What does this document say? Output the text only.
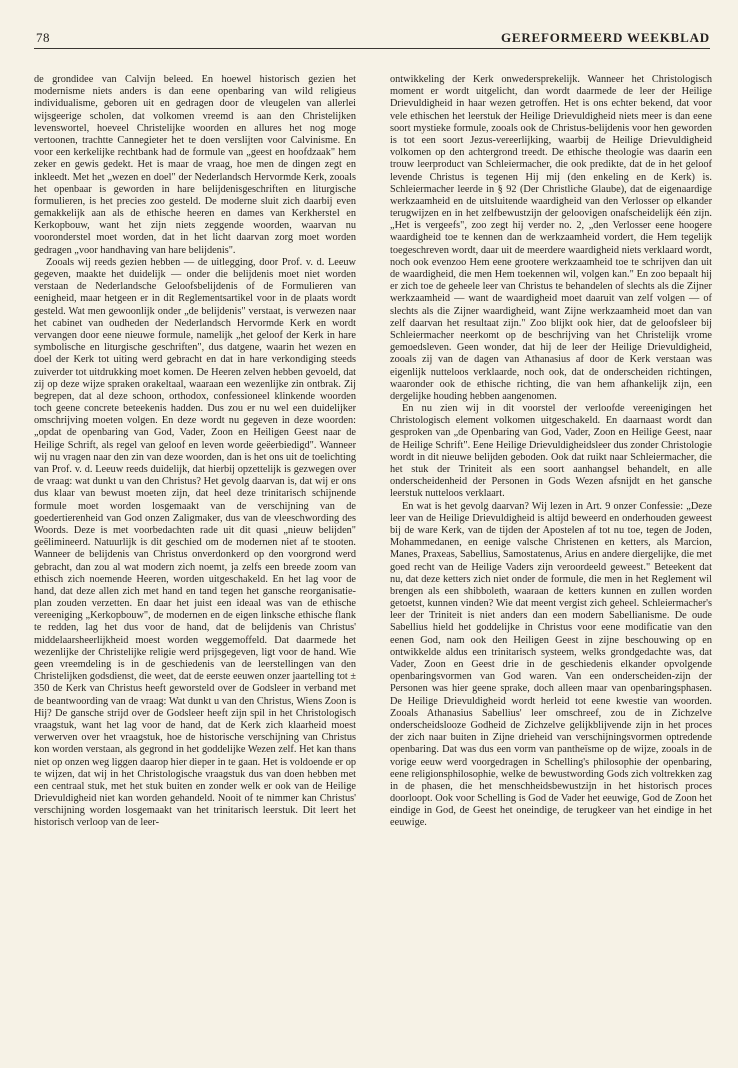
78	GEREFORMEERD WEEKBLAD

de grondidee van Calvijn beleed. En hoewel historisch gezien het modernisme niets anders is dan eene openbaring van wild religieus individualisme, geboren uit en gedragen door de vleugelen van allerlei wijsgeerige scholen, dat volkomen vreemd is aan den Christelijken levenswortel, hoeveel Christelijke woorden en allures het nog moge vertoonen, trachtte Cannegieter het te doen verslijten voor Calvinisme. En voor een kerkelijke rechtbank had de formule van „geest en hoofdzaak" hem zeker en gewis gedekt. Het is maar de vraag, hoe men de dingen zegt en inkleedt. Met het „wezen en doel" der Nederlandsch Hervormde Kerk, zooals het openbaar is geworden in hare belijdenisgeschriften en liturgische formulieren, is het precies zoo gesteld. De moderne sluit zich daarbij even gemakkelijk aan als de ethische heeren en dames van Kerkherstel en Kerkopbouw, want het zijn niets zeggende woorden, waarvan nu vooronderstel moet worden, dat in het licht daarvan zorg moet worden gedragen „voor handhaving van hare belijdenis".

Zooals wij reeds gezien hebben — de uitlegging, door Prof. v. d. Leeuw gegeven, maakte het duidelijk — onder die belijdenis moet niet worden verstaan de Nederlandsche Geloofsbelijdenis of de Formulieren van eenigheid, maar hetgeen er in dit Reglementsartikel voor in de plaats wordt gesteld. Wat men gewoonlijk onder „de belijdenis" verstaat, is verwezen naar het cabinet van oudheden der Nederlandsch Hervormde Kerk en wordt vervangen door eene nieuwe formule, namelijk „het geloof der Kerk in hare symbolische en liturgische geschriften", dus datgene, waarin het wezen en doel der Kerk tot uiting werd gebracht en dat in hare verkondiging steeds zuiverder tot uitdrukking moet komen. De Heeren zelven hebben gevoeld, dat zij op deze wijze spraken orakeltaal, waaraan een wezenlijke zin ontbrak. Zij begrepen, dat al deze schoon, orthodox, confessioneel klinkende woorden toch geene concrete beteekenis hadden. Dus zou er nu wel een duidelijker omschrijving moeten volgen. En deze wordt nu gegeven in deze woorden: „opdat de openbaring van God, Vader, Zoon en Heiligen Geest naar de Heilige Schrift, als regel van geloof en leven worde geëerbiedigd". Wanneer wij nu vragen naar den zin van deze woorden, dan is het ons uit de toelichting van Prof. v. d. Leeuw reeds duidelijk, dat hierbij opzettelijk is gezwegen over de vraag: wat dunkt u van den Christus? Het gevolg daarvan is, dat wij er ons dus klaar van bewust moeten zijn, dat heel deze trinitarisch schijnende formule moet worden losgemaakt van de verschijning van de goedertierenheid van God onzen Zaligmaker, dus van de vleeschwording des Woords. Deze is met voorbedachten rade uit dit quasi „nieuw belijden" geëlimineerd. Natuurlijk is dit geschied om de modernen niet af te stooten. Wanneer de belijdenis van Christus onverdonkerd op den voorgrond werd gebracht, dan zou al wat modern zich noemt, ja zelfs een breede zoom van ethisch zich noemende Heeren, worden uitgeschakeld. En het lag voor de hand, dat deze allen zich met hand en tand tegen het gansche reorganisatie-plan zouden verzetten. En daar het juist een ideaal was van de ethische vereeniging „Kerkopbouw", de modernen en de eigen linksche ethische flank te redden, lag het dus voor de hand, dat de belijdenis van Christus' middelaarsheerlijkheid moest worden weggemoffeld. Dat daarmede het wezenlijke der Christelijke religie werd prijsgegeven, ligt voor de hand. Wie geen vreemdeling is in de geschiedenis van de leerstellingen van den Christelijken godsdienst, die weet, dat de eerste eeuwen onzer jaartelling tot ± 350 de Kerk van Christus heeft geworsteld over de Godsleer in verband met de beantwoording van de vraag: Wat dunkt u van den Christus, Wiens Zoon is Hij? De gansche strijd over de Godsleer heeft zijn spil in het Christologisch vraagstuk, want het lag voor de hand, dat de Kerk zich klaarheid moest verwerven over het vraagstuk, hoe de historische verschijning van Christus kon worden verstaan, als gegrond in het goddelijke Wezen zelf. Het kan thans niet op onzen weg liggen daarop hier dieper in te gaan. Het is voldoende er op te wijzen, dat wij in het Christologische vraagstuk dus van doen hebben met een centraal stuk, met het stuk buiten en zonder welk er ook van de Heilige Drievuldigheid niet kan worden gehandeld. Nooit of te nimmer kan Christus' verschijning worden losgemaakt van het trinitarisch leerstuk. Dit leert het historisch verloop van de leer-

ontwikkeling der Kerk onwedersprekelijk. Wanneer het Christologisch moment er wordt uitgelicht, dan wordt daarmede de leer der Heilige Drievuldigheid in haar wezen getroffen. Het is ons echter bekend, dat voor vele ethischen het leerstuk der Heilige Drievuldigheid niets meer is dan eene soort mystieke formule, zooals ook de Christus-belijdenis voor hen geworden is tot een soort Jezus-vereerlijking, waarbij de Heilige Drievuldigheid volkomen op den achtergrond treedt. De ethische theologie was daarin een trouw leerproduct van Schleiermacher, die ook predikte, dat de in het geloof levende Christus is tegenen Hij mij (den enkeling en de Kerk) is. Schleiermacher leerde in § 92 (Der Christliche Glaube), dat de eigenaardige werkzaamheid en de uitsluitende waardigheid van den Verlosser op elkander terugwijzen en in het zelfbewustzijn der geloovigen onafscheidelijk één zijn. „Het is vergeefs", zoo zegt hij verder no. 2, „den Verlosser eene hoogere waardigheid toe te kennen dan de werkzaamheid vordert, die Hem tegelijk toegeschreven wordt, daar uit de meerdere waardigheid niets verklaard wordt, noch ook evenzoo Hem eene grootere werkzaamheid toe te schrijven dan uit de waardigheid, die men Hem toekennen wil, volgen kan." En zoo bepaalt hij er zich toe de geheele leer van Christus te behandelen of slechts als die Zijner werkzaamheid — want de waardigheid moet daaruit van zelf volgen — of slechts als die Zijner waardigheid, want Zijne werkzaamheid moet dan van zelf daarvan het resultaat zijn." Zoo blijkt ook hier, dat de geloofsleer bij Schleiermacher neerkomt op de beschrijving van het Christelijk vrome gemoedsleven. Geen wonder, dat hij de leer der Heilige Drievuldigheid, zooals zij van de dagen van Athanasius af door de Kerk verstaan was eigenlijk nutteloos verklaarde, noch ook, dat de onderscheiden richtingen, waaronder ook de ethische richting, die van hem afhankelijk zijn, een dergelijke houding hebben aangenomen.

En nu zien wij in dit voorstel der verloofde vereenigingen het Christologisch element volkomen uitgeschakeld. En daarnaast wordt dan gesproken van „de Openbaring van God, Vader, Zoon en Heilige Geest, naar de Heilige Schrift". Eene Heilige Drievuldigheidsleer dus zonder Christologie wordt in dit nieuwe belijden geboden. Ook dat ruikt naar Schleiermacher, die het stuk der Triniteit als een soort aanhangsel behandelt, en alle onderscheidenheid der Personen in Gods Wezen afsnijdt en het gansche leerstuk nutteloos verklaart.

En wat is het gevolg daarvan? Wij lezen in Art. 9 onzer Confessie: „Deze leer van de Heilige Drievuldigheid is altijd beweerd en onderhouden geweest bij de ware Kerk, van de tijden der Apostelen af tot nu toe, tegen de Joden, Mohammedanen, en eenige valsche Christenen en ketters, als Marcion, Manes, Praxeas, Sabellius, Samostatenus, Arius en andere diergelijke, die met goed recht van de Heilige Vaders zijn veroordeeld geweest." Beteekent dat nu, dat deze ketters zich niet onder de formule, die men in het Reglement wil brengen als een shibboleth, waaraan de ketters kunnen en zullen worden getoetst, kunnen vinden? Wie dat meent vergist zich geheel. Schleiermacher's leer der Triniteit is niet anders dan een modern Sabellianisme. De oude Sabellius hield het goddelijke in Christus voor eene modificatie van den eenen God, nam ook den Heiligen Geest in zijne beschouwing op en ontwikkelde aldus een trinitarisch systeem, welks grondgedachte was, dat Vader, Zoon en Geest drie in de geschiedenis elkander opvolgende openbaringsvormen van God waren. Van een onderscheiden-zijn der Personen was hier geene sprake, doch alleen maar van openbaringsphasen. De Heilige Drievuldigheid wordt herleid tot eene kwestie van woorden. Zooals Athanasius Sabellius' leer omschreef, zou de in Zichzelve onderscheidslooze Godheid de Zichzelve gelijkblijvende zijn in het proces der zich naar buiten in Zijne drieheid van verschijningsvormen optredende openbaring. Dat was dus een vorm van pantheïsme op de wijze, zooals in de vorige eeuw werd voorgedragen in Schelling's philosophie der openbaring, eene religionsphilosophie, welke de bewustwording Gods zich voltrekken zag in de phasen, die het menschheidsbewustzijn in het historisch proces doorloopt. Ook voor Schelling is God de Vader het eeuwige, God de Zoon het eindige in God, de Geest het oneindige, de terugkeer van het eindige in het eeuwige.
